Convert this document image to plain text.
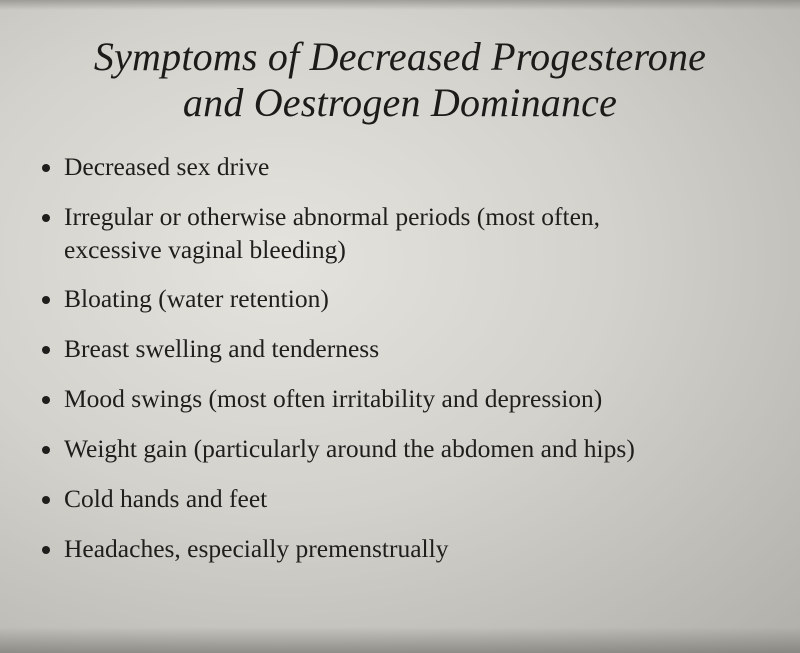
Symptoms of Decreased Progesterone
and Oestrogen Dominance
Decreased sex drive
Irregular or otherwise abnormal periods (most often,
excessive vaginal bleeding)
Bloating (water retention)
Breast swelling and tenderness
Mood swings (most often irritability and depression)
Weight gain (particularly around the abdomen and hips)
Cold hands and feet
Headaches, especially premenstrually
